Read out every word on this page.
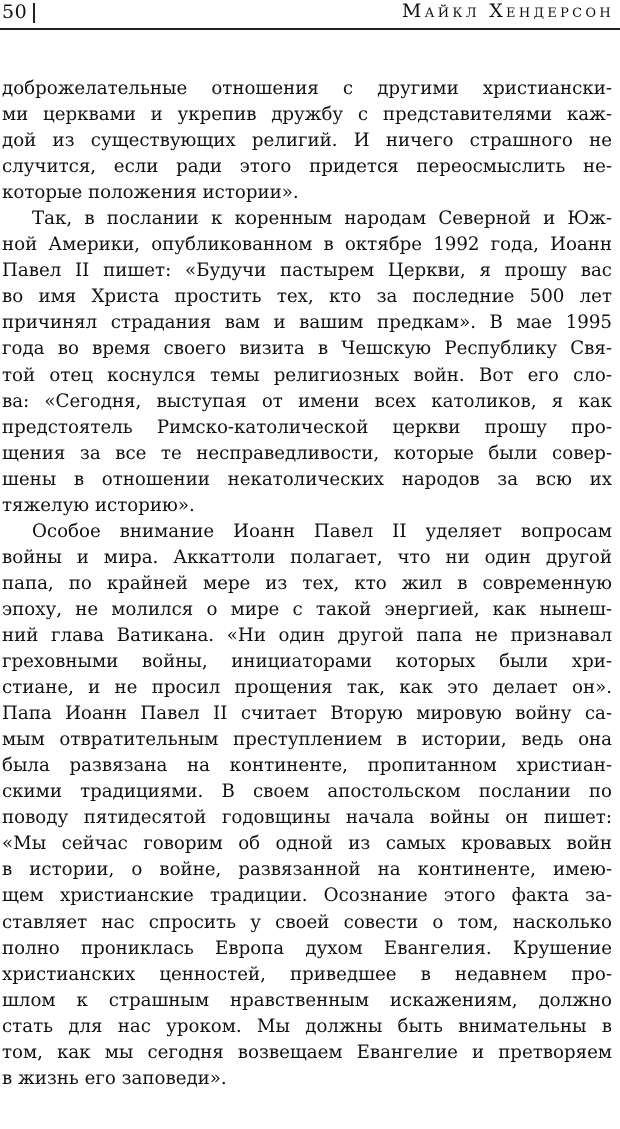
50	Майкл Хендерсон
доброжелательные отношения с другими христиански-
ми церквами и укрепив дружбу с представителями каж-
дой из существующих религий. И ничего страшного не
случится, если ради этого придется переосмыслить не-
которые положения истории».
Так, в послании к коренным народам Северной и Юж-
ной Америки, опубликованном в октябре 1992 года, Иоанн
Павел II пишет: «Будучи пастырем Церкви, я прошу вас
во имя Христа простить тех, кто за последние 500 лет
причинял страдания вам и вашим предкам». В мае 1995
года во время своего визита в Чешскую Республику Свя-
той отец коснулся темы религиозных войн. Вот его сло-
ва: «Сегодня, выступая от имени всех католиков, я как
предстоятель Римско-католической церкви прошу про-
щения за все те несправедливости, которые были совер-
шены в отношении некатолических народов за всю их
тяжелую историю».
Особое внимание Иоанн Павел II уделяет вопросам
войны и мира. Аккаттоли полагает, что ни один другой
папа, по крайней мере из тех, кто жил в современную
эпоху, не молился о мире с такой энергией, как нынеш-
ний глава Ватикана. «Ни один другой папа не признавал
греховными войны, инициаторами которых были хри-
стиане, и не просил прощения так, как это делает он».
Папа Иоанн Павел II считает Вторую мировую войну са-
мым отвратительным преступлением в истории, ведь она
была развязана на континенте, пропитанном христиан-
скими традициями. В своем апостольском послании по
поводу пятидесятой годовщины начала войны он пишет:
«Мы сейчас говорим об одной из самых кровавых войн
в истории, о войне, развязанной на континенте, имею-
щем христианские традиции. Осознание этого факта за-
ставляет нас спросить у своей совести о том, насколько
полно прониклась Европа духом Евангелия. Крушение
христианских ценностей, приведшее в недавнем про-
шлом к страшным нравственным искажениям, должно
стать для нас уроком. Мы должны быть внимательны в
том, как мы сегодня возвещаем Евангелие и претворяем
в жизнь его заповеди».
